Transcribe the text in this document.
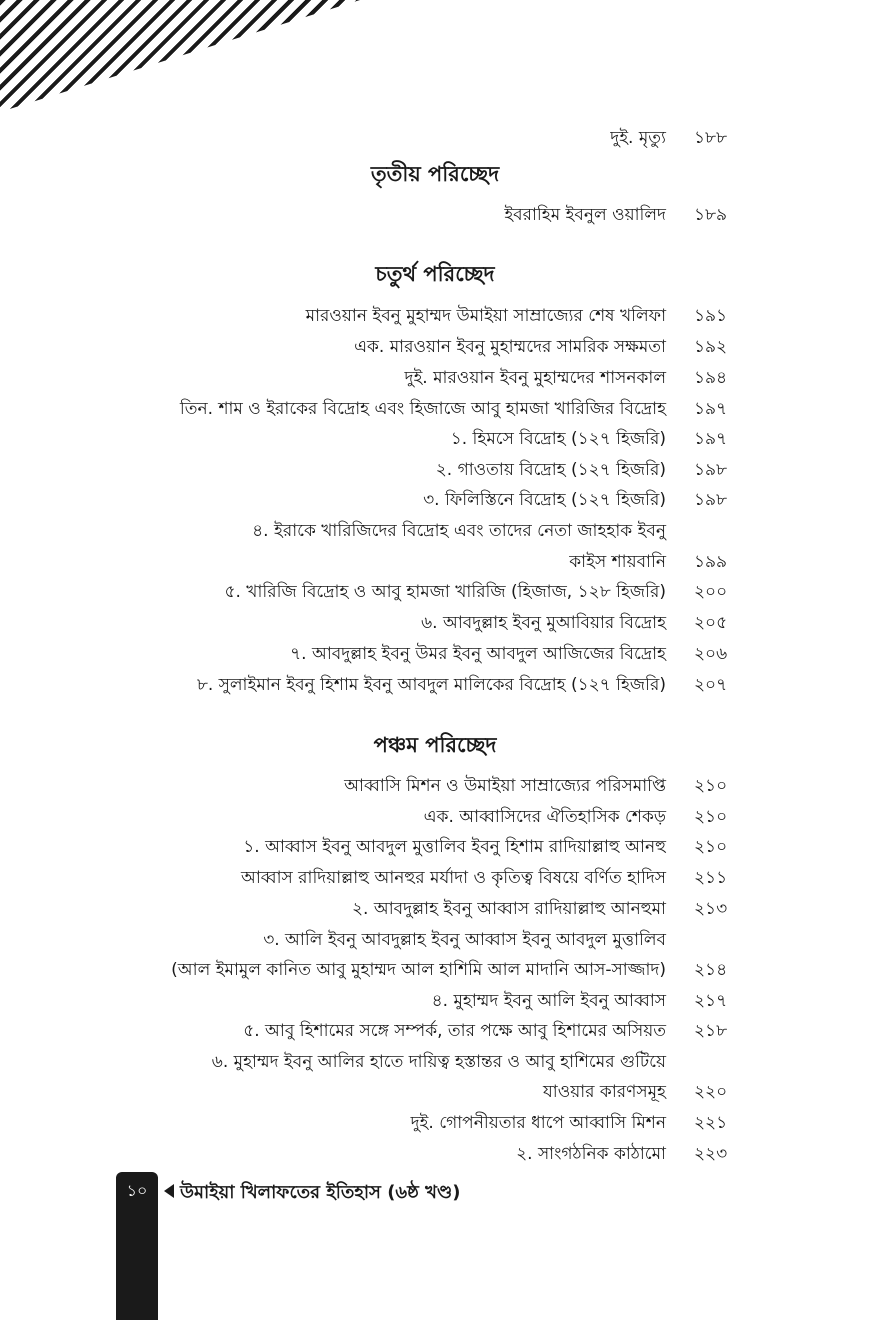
দুই. মৃত্যু ১৮৮
তৃতীয় পরিচ্ছেদ
ইবরাহিম ইবনুল ওয়ালিদ ১৮৯
চতুর্থ পরিচ্ছেদ
মারওয়ান ইবনু মুহাম্মদ উমাইয়া সাম্রাজ্যের শেষ খলিফা ১৯১
এক. মারওয়ান ইবনু মুহাম্মদের সামরিক সক্ষমতা ১৯২
দুই. মারওয়ান ইবনু মুহাম্মদের শাসনকাল ১৯৪
তিন. শাম ও ইরাকের বিদ্রোহ এবং হিজাজে আবু হামজা খারিজির বিদ্রোহ ১৯৭
১. হিমসে বিদ্রোহ (১২৭ হিজরি) ১৯৭
২. গাওতায় বিদ্রোহ (১২৭ হিজরি) ১৯৮
৩. ফিলিস্তিনে বিদ্রোহ (১২৭ হিজরি) ১৯৮
৪. ইরাকে খারিজিদের বিদ্রোহ এবং তাদের নেতা জাহহাক ইবনু
কাইস শায়বানি ১৯৯
৫. খারিজি বিদ্রোহ ও আবু হামজা খারিজি (হিজাজ, ১২৮ হিজরি) ২০০
৬. আবদুল্লাহ ইবনু মুআবিয়ার বিদ্রোহ ২০৫
৭. আবদুল্লাহ ইবনু উমর ইবনু আবদুল আজিজের বিদ্রোহ ২০৬
৮. সুলাইমান ইবনু হিশাম ইবনু আবদুল মালিকের বিদ্রোহ (১২৭ হিজরি) ২০৭
পঞ্চম পরিচ্ছেদ
আব্বাসি মিশন ও উমাইয়া সাম্রাজ্যের পরিসমাপ্তি ২১০
এক. আব্বাসিদের ঐতিহাসিক শেকড় ২১০
১. আব্বাস ইবনু আবদুল মুত্তালিব ইবনু হিশাম রাদিয়াল্লাহু আনহু ২১০
আব্বাস রাদিয়াল্লাহু আনহুর মর্যাদা ও কৃতিত্ব বিষয়ে বর্ণিত হাদিস ২১১
২. আবদুল্লাহ ইবনু আব্বাস রাদিয়াল্লাহু আনহুমা ২১৩
৩. আলি ইবনু আবদুল্লাহ ইবনু আব্বাস ইবনু আবদুল মুত্তালিব
(আল ইমামুল কানিত আবু মুহাম্মদ আল হাশিমি আল মাদানি আস-সাজ্জাদ) ২১৪
৪. মুহাম্মদ ইবনু আলি ইবনু আব্বাস ২১৭
৫. আবু হিশামের সঙ্গে সম্পর্ক, তার পক্ষে আবু হিশামের অসিয়ত ২১৮
৬. মুহাম্মদ ইবনু আলির হাতে দায়িত্ব হস্তান্তর ও আবু হাশিমের গুটিয়ে
যাওয়ার কারণসমূহ ২২০
দুই. গোপনীয়তার ধাপে আব্বাসি মিশন ২২১
২. সাংগঠনিক কাঠামো ২২৩
১০	উমাইয়া খিলাফতের ইতিহাস (৬ষ্ঠ খণ্ড)
